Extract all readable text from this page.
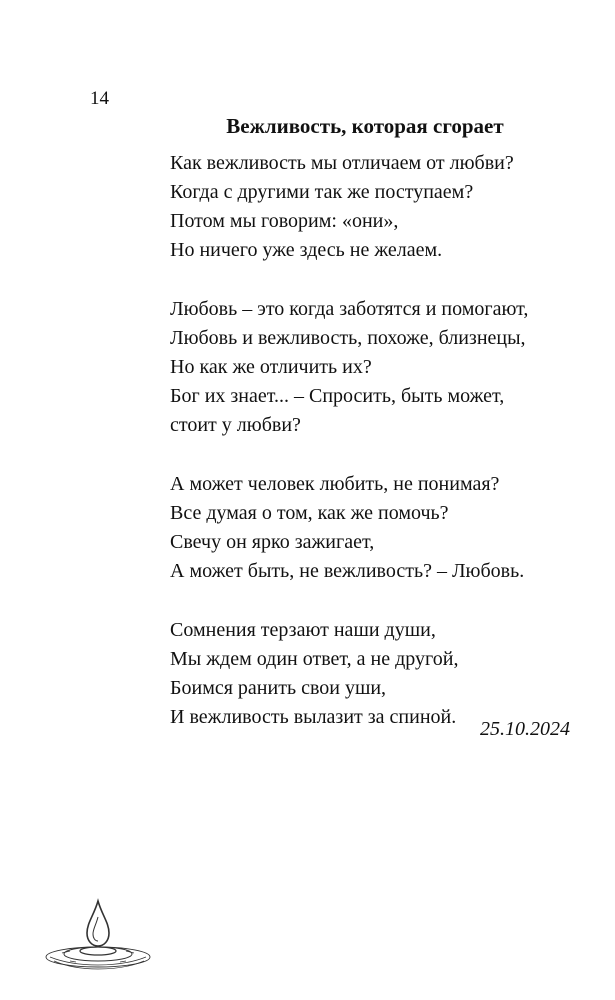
14
Вежливость, которая сгорает
Как вежливость мы отличаем от любви?
Когда с другими так же поступаем?
Потом мы говорим: «они»,
Но ничего уже здесь не желаем.
Любовь – это когда заботятся и помогают,
Любовь и вежливость, похоже, близнецы,
Но как же отличить их?
Бог их знает... – Спросить, быть может,
стоит у любви?
А может человек любить, не понимая?
Все думая о том, как же помочь?
Свечу он ярко зажигает,
А может быть, не вежливость? – Любовь.
Сомнения терзают наши души,
Мы ждем один ответ, а не другой,
Боимся ранить свои уши,
И вежливость вылазит за спиной.
25.10.2024
